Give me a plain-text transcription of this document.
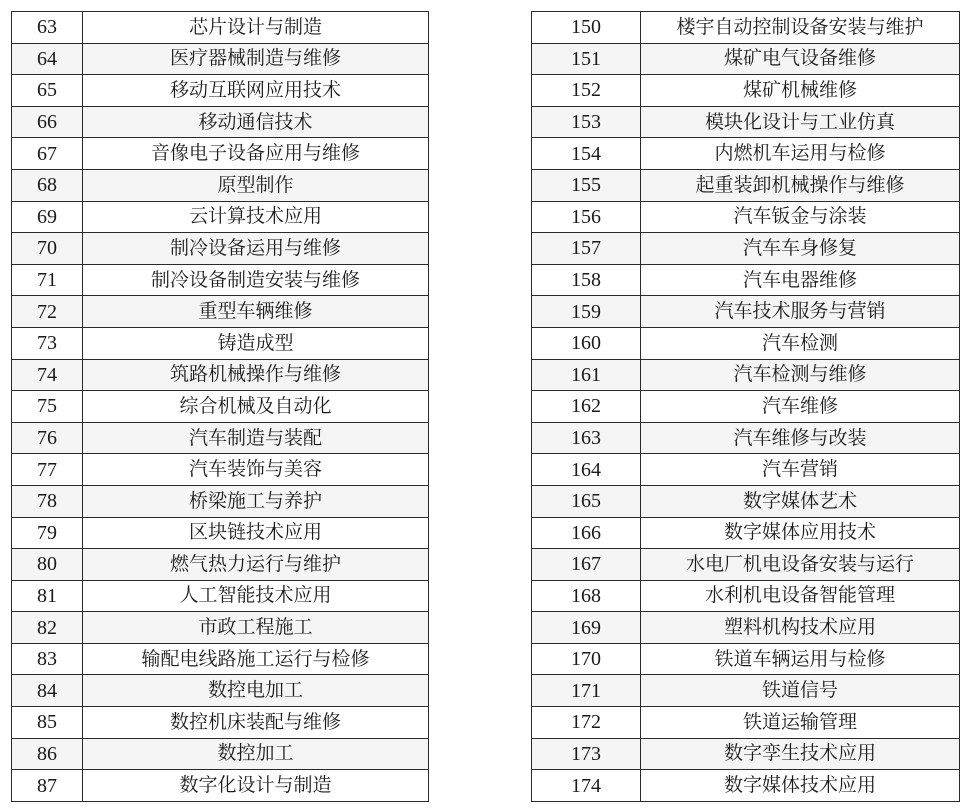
63	芯片设计与制造
64	医疗器械制造与维修
65	移动互联网应用技术
66	移动通信技术
67	音像电子设备应用与维修
68	原型制作
69	云计算技术应用
70	制冷设备运用与维修
71	制冷设备制造安装与维修
72	重型车辆维修
73	铸造成型
74	筑路机械操作与维修
75	综合机械及自动化
76	汽车制造与装配
77	汽车装饰与美容
78	桥梁施工与养护
79	区块链技术应用
80	燃气热力运行与维护
81	人工智能技术应用
82	市政工程施工
83	输配电线路施工运行与检修
84	数控电加工
85	数控机床装配与维修
86	数控加工
87	数字化设计与制造
150	楼宇自动控制设备安装与维护
151	煤矿电气设备维修
152	煤矿机械维修
153	模块化设计与工业仿真
154	内燃机车运用与检修
155	起重装卸机械操作与维修
156	汽车钣金与涂装
157	汽车车身修复
158	汽车电器维修
159	汽车技术服务与营销
160	汽车检测
161	汽车检测与维修
162	汽车维修
163	汽车维修与改装
164	汽车营销
165	数字媒体艺术
166	数字媒体应用技术
167	水电厂机电设备安装与运行
168	水利机电设备智能管理
169	塑料机构技术应用
170	铁道车辆运用与检修
171	铁道信号
172	铁道运输管理
173	数字孪生技术应用
174	数字媒体技术应用
